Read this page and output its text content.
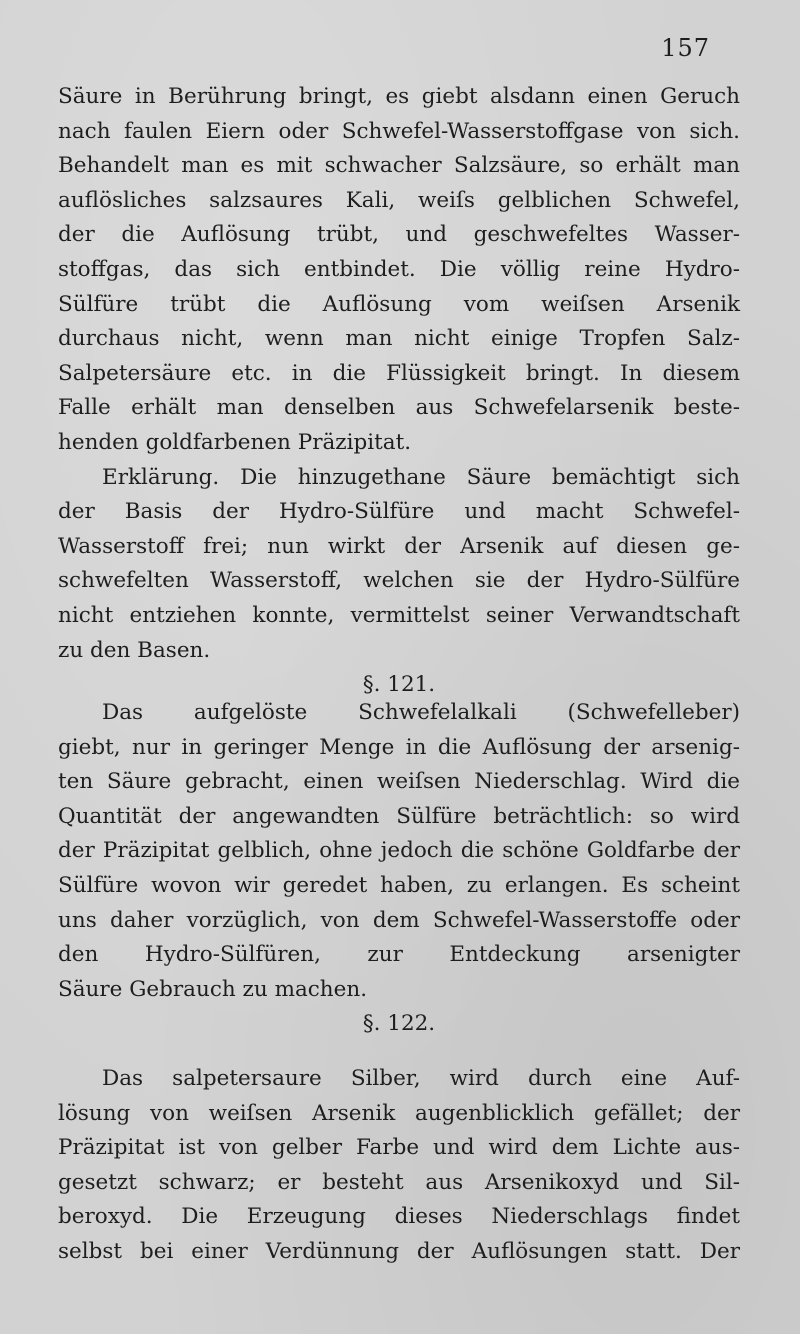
157
Säure in Berührung bringt, es giebt alsdann einen Geruch
nach faulen Eiern oder Schwefel-Wasserstoffgase von sich.
Behandelt man es mit schwacher Salzsäure, so erhält man
auflösliches salzsaures Kali, weiſs gelblichen Schwefel,
der die Auflösung trübt, und geschwefeltes Wasser-
stoffgas, das sich entbindet. Die völlig reine Hydro-
Sülfüre trübt die Auflösung vom weiſsen Arsenik
durchaus nicht, wenn man nicht einige Tropfen Salz-
Salpetersäure etc. in die Flüssigkeit bringt. In diesem
Falle erhält man denselben aus Schwefelarsenik beste-
henden goldfarbenen Präzipitat.
Erklärung. Die hinzugethane Säure bemächtigt sich
der Basis der Hydro-Sülfüre und macht Schwefel-
Wasserstoff frei; nun wirkt der Arsenik auf diesen ge-
schwefelten Wasserstoff, welchen sie der Hydro-Sülfüre
nicht entziehen konnte, vermittelst seiner Verwandtschaft
zu den Basen.
§. 121.
Das aufgelöste Schwefelalkali (Schwefelleber)
giebt, nur in geringer Menge in die Auflösung der arsenig-
ten Säure gebracht, einen weiſsen Niederschlag. Wird die
Quantität der angewandten Sülfüre beträchtlich: so wird
der Präzipitat gelblich, ohne jedoch die schöne Goldfarbe der
Sülfüre wovon wir geredet haben, zu erlangen. Es scheint
uns daher vorzüglich, von dem Schwefel-Wasserstoffe oder
den Hydro-Sülfüren, zur Entdeckung arsenigter
Säure Gebrauch zu machen.
§. 122.
Das salpetersaure Silber, wird durch eine Auf-
lösung von weiſsen Arsenik augenblicklich gefället; der
Präzipitat ist von gelber Farbe und wird dem Lichte aus-
gesetzt schwarz; er besteht aus Arsenikoxyd und Sil-
beroxyd. Die Erzeugung dieses Niederschlags findet
selbst bei einer Verdünnung der Auflösungen statt. Der
